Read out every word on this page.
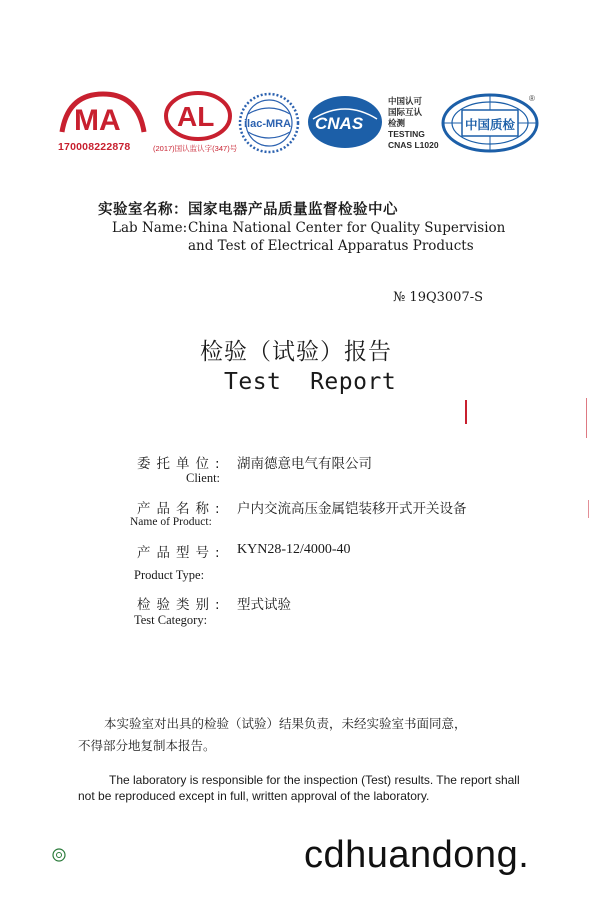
MA
170008222878
AL
(2017)国认监认字(347)号
ilac-MRA CNAS
中国认可
国际互认
检测
TESTING
CNAS L1020
中国质检
®
实验室名称：国家电器产品质量监督检验中心
Lab Name: China National Center for Quality Supervision
and Test of Electrical Apparatus Products
№ 19Q3007-S
检验（试验）报告
Test  Report
委托单位: 湖南德意电气有限公司
Client:
产品名称: 户内交流高压金属铠装移开式开关设备
Name of Product:
产品型号: KYN28-12/4000-40
Product Type:
检验类别: 型式试验
Test Category:
本实验室对出具的检验（试验）结果负责，未经实验室书面同意，
不得部分地复制本报告。
The laboratory is responsible for the inspection (Test) results. The report shall
not be reproduced except in full, written approval of the laboratory.
cdhuandong.
